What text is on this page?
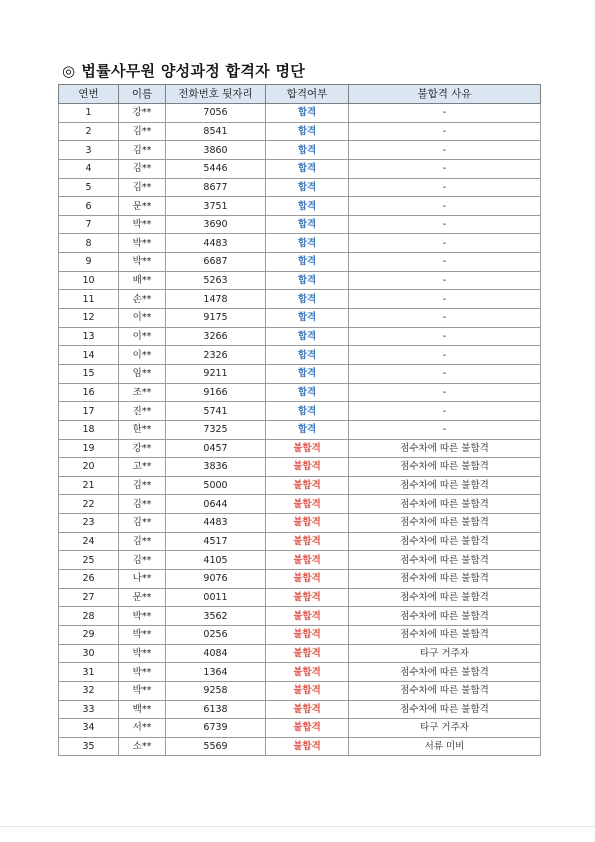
◎ 법률사무원 양성과정 합격자 명단
연번	이름	전화번호 뒷자리	합격여부	불합격 사유
1	강**	7056	합격	-
2	김**	8541	합격	-
3	김**	3860	합격	-
4	김**	5446	합격	-
5	김**	8677	합격	-
6	문**	3751	합격	-
7	박**	3690	합격	-
8	박**	4483	합격	-
9	박**	6687	합격	-
10	배**	5263	합격	-
11	손**	1478	합격	-
12	이**	9175	합격	-
13	이**	3266	합격	-
14	이**	2326	합격	-
15	임**	9211	합격	-
16	조**	9166	합격	-
17	진**	5741	합격	-
18	한**	7325	합격	-
19	강**	0457	불합격	점수차에 따른 불합격
20	고**	3836	불합격	점수차에 따른 불합격
21	김**	5000	불합격	점수차에 따른 불합격
22	김**	0644	불합격	점수차에 따른 불합격
23	김**	4483	불합격	점수차에 따른 불합격
24	김**	4517	불합격	점수차에 따른 불합격
25	김**	4105	불합격	점수차에 따른 불합격
26	나**	9076	불합격	점수차에 따른 불합격
27	문**	0011	불합격	점수차에 따른 불합격
28	박**	3562	불합격	점수차에 따른 불합격
29	박**	0256	불합격	점수차에 따른 불합격
30	박**	4084	불합격	타구 거주자
31	박**	1364	불합격	점수차에 따른 불합격
32	박**	9258	불합격	점수차에 따른 불합격
33	백**	6138	불합격	점수차에 따른 불합격
34	서**	6739	불합격	타구 거주자
35	소**	5569	불합격	서류 미비
